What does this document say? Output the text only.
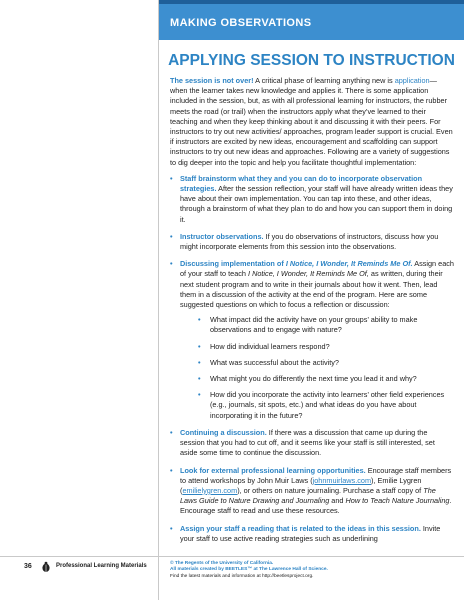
MAKING OBSERVATIONS
APPLYING SESSION TO INSTRUCTION

The session is not over! A critical phase of learning anything new is application—when the learner takes new knowledge and applies it. There is some application included in the session, but, as with all professional learning for instructors, the rubber meets the road (or trail) when the instructors apply what they’ve learned to their teaching and when they keep thinking about it and discussing it with their peers. For instructors to try out new activities/ approaches, program leader support is crucial. Even if instructors are excited by new ideas, encouragement and scaffolding can support instructors to try out new ideas and approaches. Following are a variety of suggestions to dig deeper into the topic and help you facilitate thoughtful implementation:

• Staff brainstorm what they and you can do to incorporate observation strategies. After the session reflection, your staff will have already written ideas they have about their own implementation. You can tap into these, and other ideas, through a brainstorm of what they plan to do and how you can support them in doing it.
• Instructor observations. If you do observations of instructors, discuss how you might incorporate elements from this session into the observations.
• Discussing implementation of I Notice, I Wonder, It Reminds Me Of. Assign each of your staff to teach I Notice, I Wonder, It Reminds Me Of, as written, during their next student program and to write in their journals about how it went. Then, lead them in a discussion of the activity at the end of the program. Here are some suggested questions on which to focus a reflection or discussion:
• What impact did the activity have on your groups’ ability to make observations and to engage with nature?
• How did individual learners respond?
• What was successful about the activity?
• What might you do differently the next time you lead it and why?
• How did you incorporate the activity into learners’ other field experiences (e.g., journals, sit spots, etc.) and what ideas do you have about incorporating it in the future?
• Continuing a discussion. If there was a discussion that came up during the session that you had to cut off, and it seems like your staff is still interested, set aside some time to continue the discussion.
• Look for external professional learning opportunities. Encourage staff members to attend workshops by John Muir Laws (johnmuirlaws.com), Emilie Lygren (emilielygren.com), or others on nature journaling. Purchase a staff copy of The Laws Guide to Nature Drawing and Journaling and How to Teach Nature Journaling. Encourage staff to read and use these resources.
• Assign your staff a reading that is related to the ideas in this session. Invite your staff to use active reading strategies such as underlining
36	Professional Learning Materials	© The Regents of the University of California.
All materials created by BEETLES™ at The Lawrence Hall of Science.
Find the latest materials and information at http://beetlesproject.org.
